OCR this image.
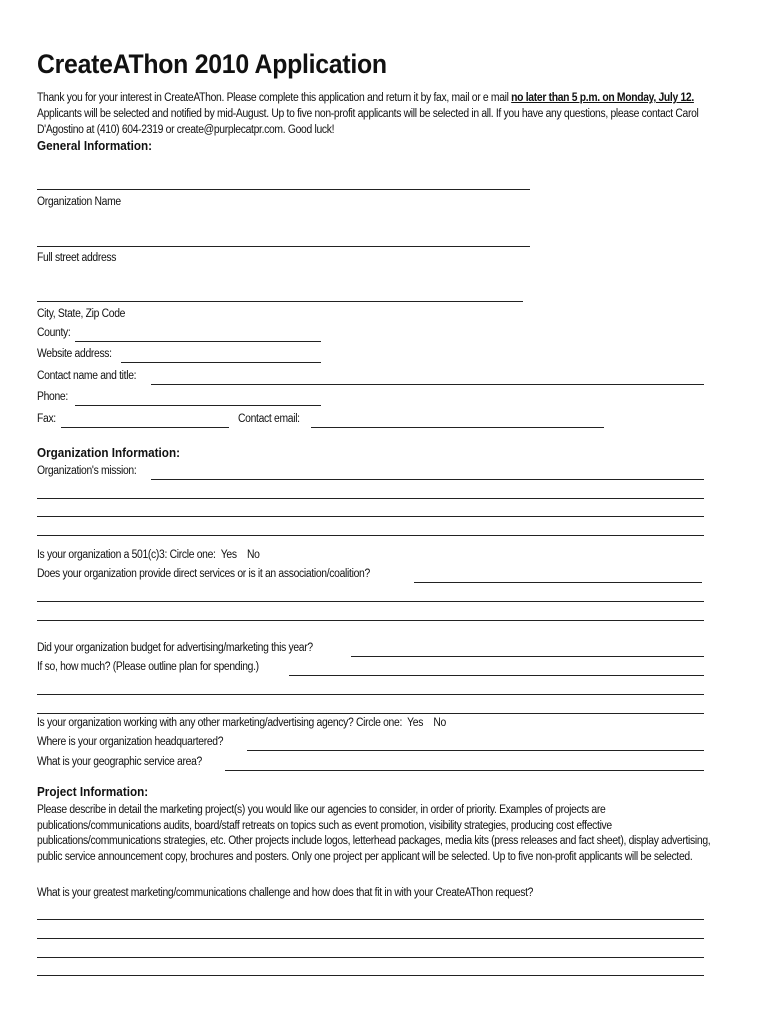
CreateAThon 2010 Application
Thank you for your interest in CreateAThon. Please complete this application and return it by fax, mail or e mail no later than 5 p.m. on Monday, July 12. Applicants will be selected and notified by mid-August. Up to five non-profit applicants will be selected in all. If you have any questions, please contact Carol D'Agostino at (410) 604-2319 or create@purplecatpr.com. Good luck!
General Information:
Organization Name
Full street address
City, State, Zip Code
County:
Website address:
Contact name and title:
Phone:
Fax:	Contact email:
Organization Information:
Organization's mission:
Is your organization a 501(c)3: Circle one: Yes No
Does your organization provide direct services or is it an association/coalition?
Did your organization budget for advertising/marketing this year?
If so, how much? (Please outline plan for spending.)
Is your organization working with any other marketing/advertising agency? Circle one: Yes No
Where is your organization headquartered?
What is your geographic service area?
Project Information:
Please describe in detail the marketing project(s) you would like our agencies to consider, in order of priority. Examples of projects are publications/communications audits, board/staff retreats on topics such as event promotion, visibility strategies, producing cost effective publications/communications strategies, etc. Other projects include logos, letterhead packages, media kits (press releases and fact sheet), display advertising, public service announcement copy, brochures and posters. Only one project per applicant will be selected. Up to five non-profit applicants will be selected.
What is your greatest marketing/communications challenge and how does that fit in with your CreateAThon request?
